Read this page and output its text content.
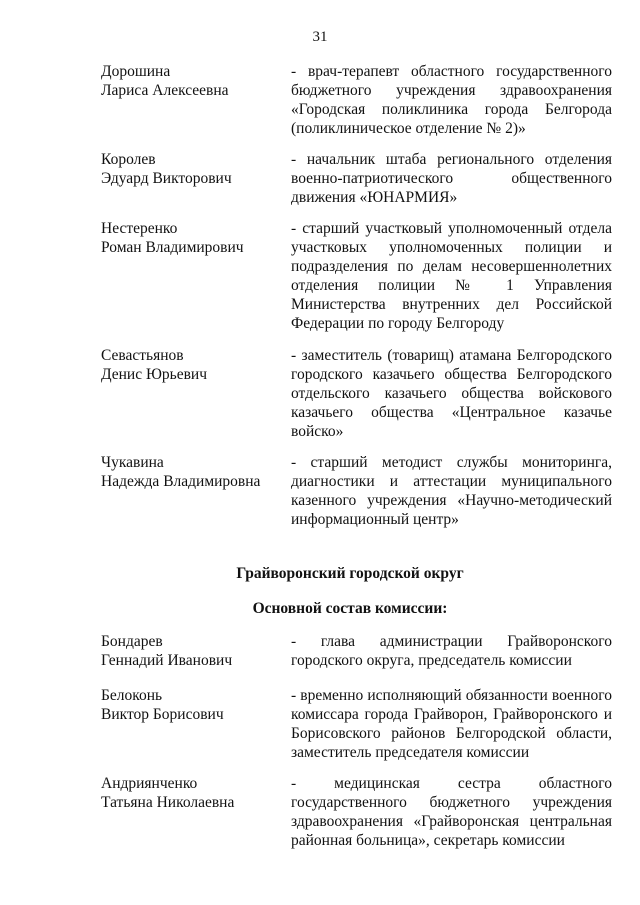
31
Дорошина
Лариса Алексеевна
- врач-терапевт областного государственного бюджетного учреждения здравоохранения «Городская поликлиника города Белгорода (поликлиническое отделение № 2)»
Королев
Эдуард Викторович
- начальник штаба регионального отделения военно-патриотического общественного движения «ЮНАРМИЯ»
Нестеренко
Роман Владимирович
- старший участковый уполномоченный отдела участковых уполномоченных полиции и подразделения по делам несовершеннолетних отделения полиции № 1 Управления Министерства внутренних дел Российской Федерации по городу Белгороду
Севастьянов
Денис Юрьевич
- заместитель (товарищ) атамана Белгородского городского казачьего общества Белгородского отдельского казачьего общества войскового казачьего общества «Центральное казачье войско»
Чукавина
Надежда Владимировна
- старший методист службы мониторинга, диагностики и аттестации муниципального казенного учреждения «Научно-методический информационный центр»
Грайворонский городской округ
Основной состав комиссии:
Бондарев
Геннадий Иванович
- глава администрации Грайворонского городского округа, председатель комиссии
Белоконь
Виктор Борисович
- временно исполняющий обязанности военного комиссара города Грайворон, Грайворонского и Борисовского районов Белгородской области, заместитель председателя комиссии
Андриянченко
Татьяна Николаевна
- медицинская сестра областного государственного бюджетного учреждения здравоохранения «Грайворонская центральная районная больница», секретарь комиссии
